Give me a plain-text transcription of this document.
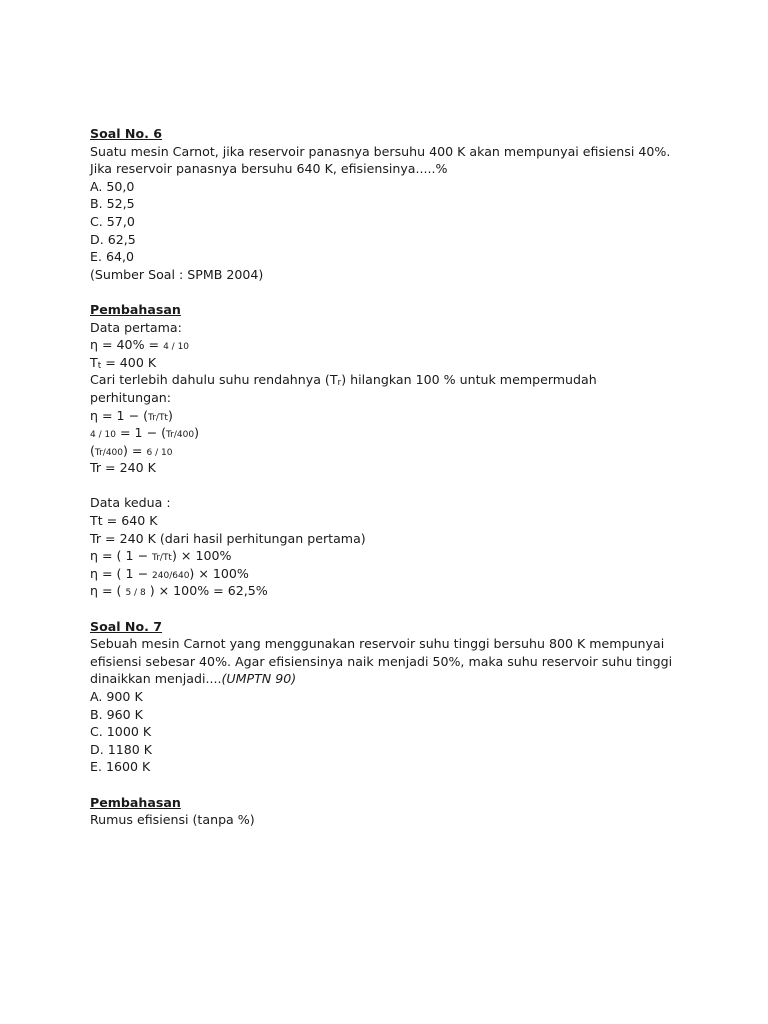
Soal No. 6
Suatu mesin Carnot, jika reservoir panasnya bersuhu 400 K akan mempunyai efisiensi 40%.
Jika reservoir panasnya bersuhu 640 K, efisiensinya.....%
A. 50,0
B. 52,5
C. 57,0
D. 62,5
E. 64,0
(Sumber Soal : SPMB 2004)
Pembahasan
Data pertama:
η = 40% = 4 / 10
Tt = 400 K
Cari terlebih dahulu suhu rendahnya (Tr) hilangkan 100 % untuk mempermudah
perhitungan:
η = 1 − (Tr/Tt)
4 / 10 = 1 − (Tr/400)
(Tr/400) = 6 / 10
Tr = 240 K
Data kedua :
Tt = 640 K
Tr = 240 K (dari hasil perhitungan pertama)
η = ( 1 − Tr/Tt) × 100%
η = ( 1 − 240/640) × 100%
η = ( 5 / 8 ) × 100% = 62,5%
Soal No. 7
Sebuah mesin Carnot yang menggunakan reservoir suhu tinggi bersuhu 800 K mempunyai
efisiensi sebesar 40%. Agar efisiensinya naik menjadi 50%, maka suhu reservoir suhu tinggi
dinaikkan menjadi....(UMPTN 90)
A. 900 K
B. 960 K
C. 1000 K
D. 1180 K
E. 1600 K
Pembahasan
Rumus efisiensi (tanpa %)
